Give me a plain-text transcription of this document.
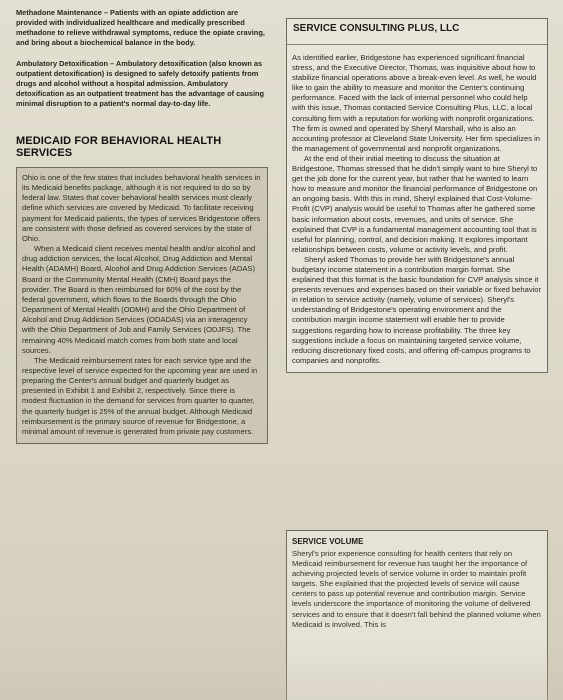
Methadone Maintenance – Patients with an opiate addiction are provided with individualized healthcare and medically prescribed methadone to relieve withdrawal symptoms, reduce the opiate craving, and bring about a biochemical balance in the body.

Ambulatory Detoxification – Ambulatory detoxification (also known as outpatient detoxification) is designed to safely detoxify patients from drugs and alcohol without a hospital admission. Ambulatory detoxification as an outpatient treatment has the advantage of causing minimal disruption to a patient's normal day-to-day life.

MEDICAID FOR BEHAVIORAL HEALTH SERVICES

Ohio is one of the few states that includes behavioral health services in its Medicaid benefits package, although it is not required to do so by federal law. States that cover behavioral health services must clearly define which services are covered by Medicaid. To facilitate receiving payment for Medicaid patients, the types of services Bridgestone offers are consistent with those defined as covered services by the state of Ohio.

When a Medicaid client receives mental health and/or alcohol and drug addiction services, the local Alcohol, Drug Addiction and Mental Health (ADAMH) Board, Alcohol and Drug Addiction Services (ADAS) Board or the Community Mental Health (CMH) Board pays the provider. The Board is then reimbursed for 60% of the cost by the federal government, which flows to the Boards through the Ohio Department of Mental Health (ODMH) and the Ohio Department of Alcohol and Drug Addiction Services (ODADAS) via an interagency with the Ohio Department of Job and Family Services (ODJFS). The remaining 40% Medicaid match comes from both state and local sources.

The Medicaid reimbursement rates for each service type and the respective level of service expected for the upcoming year are used in preparing the Center's annual budget and quarterly budget as presented in Exhibit 1 and Exhibit 2, respectively. Since there is modest fluctuation in the demand for services from quarter to quarter, the quarterly budget is 25% of the annual budget. Although Medicaid reimbursement is the primary source of revenue for Bridgestone, a minimal amount of revenue is generated from private pay customers.

SERVICE CONSULTING PLUS, LLC

As identified earlier, Bridgestone has experienced significant financial stress, and the Executive Director, Thomas, was inquisitive about how to stabilize financial operations above a break-even level. As well, he would like to gain the ability to measure and monitor the Center's continuing performance. Faced with the lack of internal personnel who could help with this issue, Thomas contacted Service Consulting Plus, LLC, a local consulting firm with a reputation for working with nonprofit organizations. The firm is owned and operated by Sheryl Marshall, who is also an accounting professor at Cleveland State University. Her firm specializes in the management of governmental and nonprofit organizations.

At the end of their initial meeting to discuss the situation at Bridgestone, Thomas stressed that he didn't simply want to hire Sheryl to get the job done for the current year, but rather that he wanted to learn how to measure and monitor the financial performance of Bridgestone on an ongoing basis. With this in mind, Sheryl explained that Cost-Volume-Profit (CVP) analysis would be useful to Thomas after he gathered some basic information about costs, revenues, and units of service. She explained that CVP is a fundamental management accounting tool that is useful for planning, control, and decision making. It explores important relationships between costs, volume or activity levels, and profit.

Sheryl asked Thomas to provide her with Bridgestone's annual budgetary income statement in a contribution margin format. She explained that this format is the basic foundation for CVP analysis since it presents revenues and expenses based on their variable or fixed behavior in relation to service activity (namely, volume of services). Sheryl's understanding of Bridgestone's operating environment and the contribution margin income statement will enable her to provide suggestions regarding how to increase profitability. The three key suggestions include a focus on maintaining targeted service volume, reducing discretionary fixed costs, and offering off-campus programs to companies and nonprofits.

SERVICE VOLUME

Sheryl's prior experience consulting for health centers that rely on Medicaid reimbursement for revenue has taught her the importance of achieving projected levels of service volume in order to maintain profit targets. She explained that the projected levels of service will cause centers to pass up potential revenue and contribution margin. Service levels underscore the importance of monitoring the volume of delivered services and to ensure that it doesn't fall behind the planned volume when Medicaid is involved. This is
